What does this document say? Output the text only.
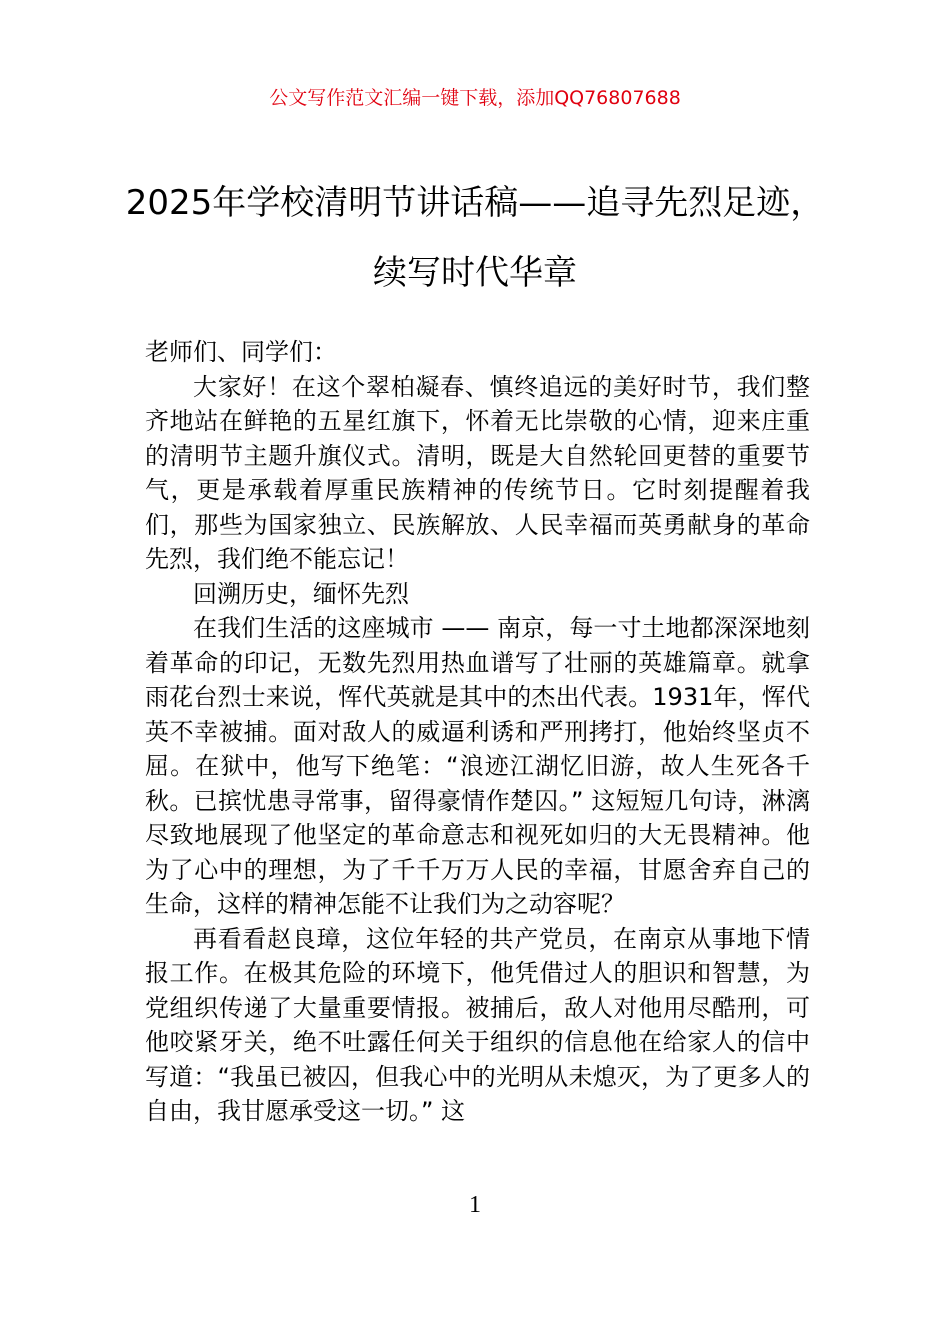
公文写作范文汇编一键下载，添加QQ76807688
2025年学校清明节讲话稿——追寻先烈足迹，续写时代华章

老师们、同学们：

大家好！在这个翠柏凝春、慎终追远的美好时节，我们整齐地站在鲜艳的五星红旗下，怀着无比崇敬的心情，迎来庄重的清明节主题升旗仪式。清明，既是大自然轮回更替的重要节气，更是承载着厚重民族精神的传统节日。它时刻提醒着我们，那些为国家独立、民族解放、人民幸福而英勇献身的革命先烈，我们绝不能忘记！

回溯历史，缅怀先烈

在我们生活的这座城市 —— 南京，每一寸土地都深深地刻着革命的印记，无数先烈用热血谱写了壮丽的英雄篇章。就拿雨花台烈士来说，恽代英就是其中的杰出代表。1931年，恽代英不幸被捕。面对敌人的威逼利诱和严刑拷打，他始终坚贞不屈。在狱中，他写下绝笔：“浪迹江湖忆旧游，故人生死各千秋。已摈忧患寻常事，留得豪情作楚囚。” 这短短几句诗，淋漓尽致地展现了他坚定的革命意志和视死如归的大无畏精神。他为了心中的理想，为了千千万万人民的幸福，甘愿舍弃自己的生命，这样的精神怎能不让我们为之动容呢？

再看看赵良璋，这位年轻的共产党员，在南京从事地下情报工作。在极其危险的环境下，他凭借过人的胆识和智慧，为党组织传递了大量重要情报。被捕后，敌人对他用尽酷刑，可他咬紧牙关，绝不吐露任何关于组织的信息他在给家人的信中写道：“我虽已被囚，但我心中的光明从未熄灭，为了更多人的自由，我甘愿承受这一切。” 这

1
